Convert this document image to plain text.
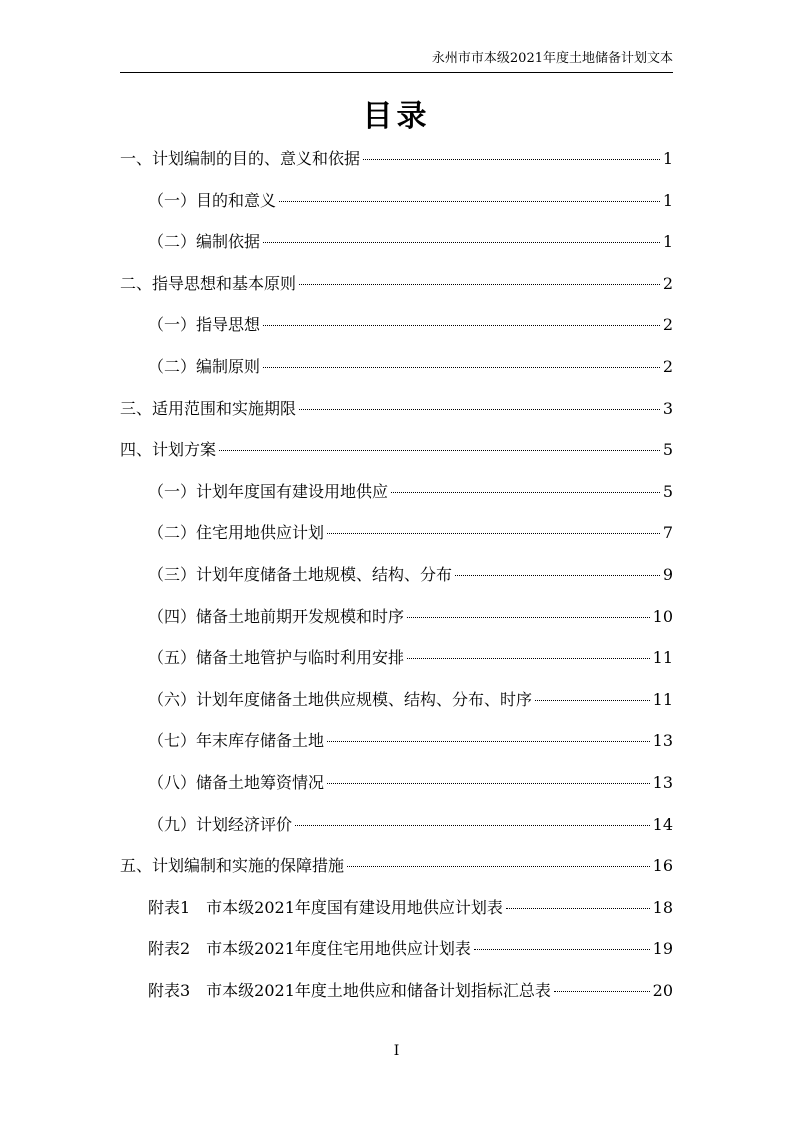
永州市市本级2021年度土地储备计划文本
目录
一、计划编制的目的、意义和依据	1
（一）目的和意义	1
（二）编制依据	1
二、指导思想和基本原则	2
（一）指导思想	2
（二）编制原则	2
三、适用范围和实施期限	3
四、计划方案	5
（一）计划年度国有建设用地供应	5
（二）住宅用地供应计划	7
（三）计划年度储备土地规模、结构、分布	9
（四）储备土地前期开发规模和时序	10
（五）储备土地管护与临时利用安排	11
（六）计划年度储备土地供应规模、结构、分布、时序	11
（七）年末库存储备土地	13
（八）储备土地筹资情况	13
（九）计划经济评价	14
五、计划编制和实施的保障措施	16
附表1　市本级2021年度国有建设用地供应计划表	18
附表2　市本级2021年度住宅用地供应计划表	19
附表3　市本级2021年度土地供应和储备计划指标汇总表	20
I
